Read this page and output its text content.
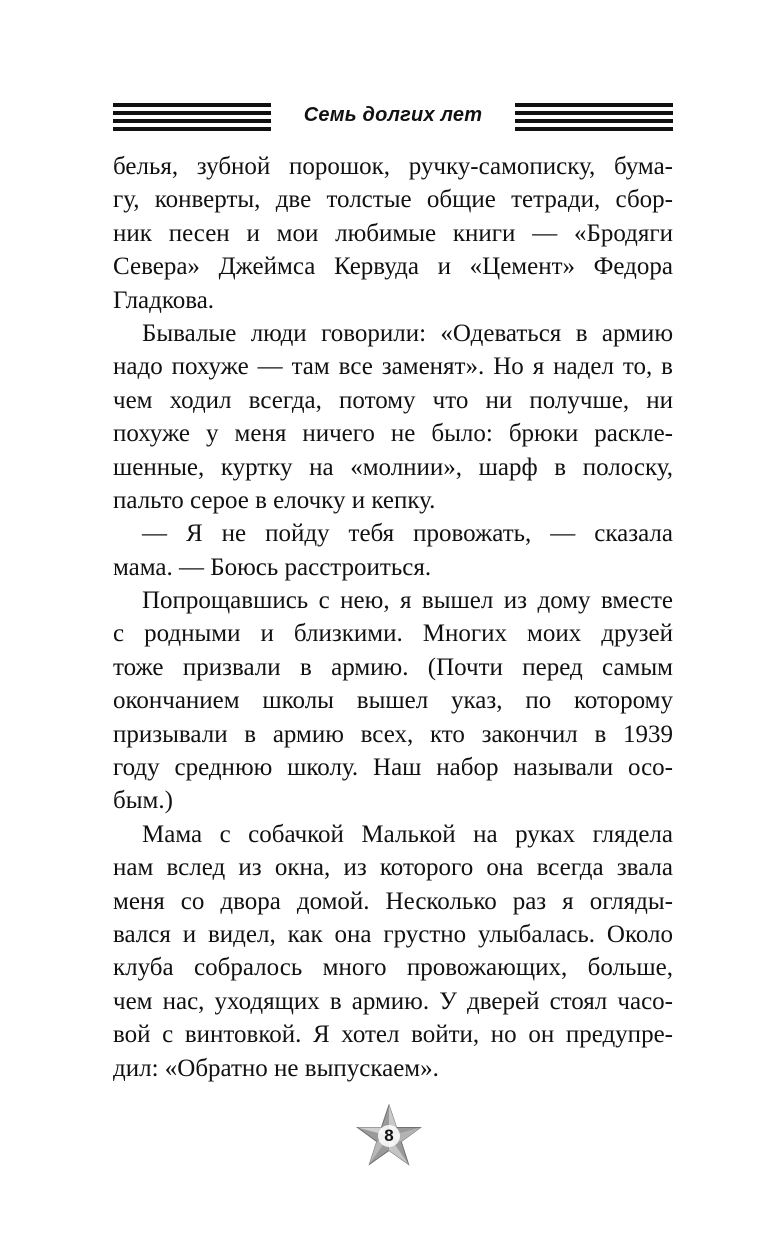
Семь долгих лет
белья, зубной порошок, ручку-самописку, бума-
гу, конверты, две толстые общие тетради, сбор-
ник песен и мои любимые книги — «Бродяги
Севера» Джеймса Кервуда и «Цемент» Федора
Гладкова.
Бывалые люди говорили: «Одеваться в армию
надо похуже — там все заменят». Но я надел то, в
чем ходил всегда, потому что ни получше, ни
похуже у меня ничего не было: брюки раскле-
шенные, куртку на «молнии», шарф в полоску,
пальто серое в елочку и кепку.
— Я не пойду тебя провожать, — сказала
мама. — Боюсь расстроиться.
Попрощавшись с нею, я вышел из дому вместе
с родными и близкими. Многих моих друзей
тоже призвали в армию. (Почти перед самым
окончанием школы вышел указ, по которому
призывали в армию всех, кто закончил в 1939
году среднюю школу. Наш набор называли осо-
бым.)
Мама с собачкой Малькой на руках глядела
нам вслед из окна, из которого она всегда звала
меня со двора домой. Несколько раз я огляды-
вался и видел, как она грустно улыбалась. Около
клуба собралось много провожающих, больше,
чем нас, уходящих в армию. У дверей стоял часо-
вой с винтовкой. Я хотел войти, но он предупре-
дил: «Обратно не выпускаем».
8
